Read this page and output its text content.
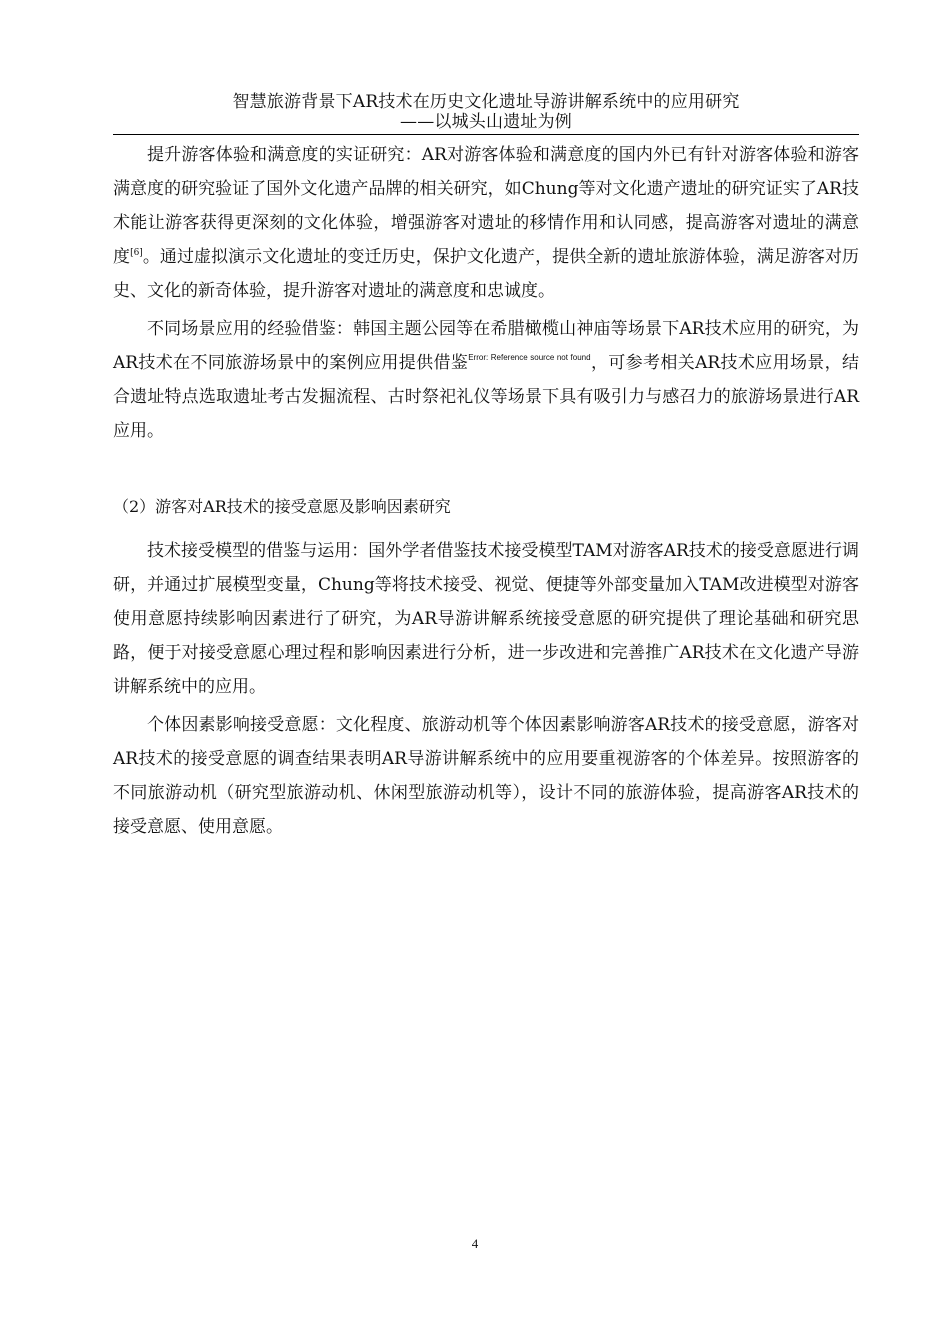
智慧旅游背景下AR技术在历史文化遗址导游讲解系统中的应用研究
——以城头山遗址为例

提升游客体验和满意度的实证研究：AR对游客体验和满意度的国内外已有针对游客体验和游客满意度的研究验证了国外文化遗产品牌的相关研究，如Chung等对文化遗产遗址的研究证实了AR技术能让游客获得更深刻的文化体验，增强游客对遗址的移情作用和认同感，提高游客对遗址的满意度[6]。通过虚拟演示文化遗址的变迁历史，保护文化遗产，提供全新的遗址旅游体验，满足游客对历史、文化的新奇体验，提升游客对遗址的满意度和忠诚度。

不同场景应用的经验借鉴：韩国主题公园等在希腊橄榄山神庙等场景下AR技术应用的研究，为AR技术在不同旅游场景中的案例应用提供借鉴$^{Error: Reference source not found}$，可参考相关AR技术应用场景，结合遗址特点选取遗址考古发掘流程、古时祭祀礼仪等场景下具有吸引力与感召力的旅游场景进行AR应用。

（2）游客对AR技术的接受意愿及影响因素研究

技术接受模型的借鉴与运用：国外学者借鉴技术接受模型TAM对游客AR技术的接受意愿进行调研，并通过扩展模型变量，Chung等将技术接受、视觉、便捷等外部变量加入TAM改进模型对游客使用意愿持续影响因素进行了研究，为AR导游讲解系统接受意愿的研究提供了理论基础和研究思路，便于对接受意愿心理过程和影响因素进行分析，进一步改进和完善推广AR技术在文化遗产导游讲解系统中的应用。

个体因素影响接受意愿：文化程度、旅游动机等个体因素影响游客AR技术的接受意愿，游客对AR技术的接受意愿的调查结果表明AR导游讲解系统中的应用要重视游客的个体差异。按照游客的不同旅游动机（研究型旅游动机、休闲型旅游动机等），设计不同的旅游体验，提高游客AR技术的接受意愿、使用意愿。

4
